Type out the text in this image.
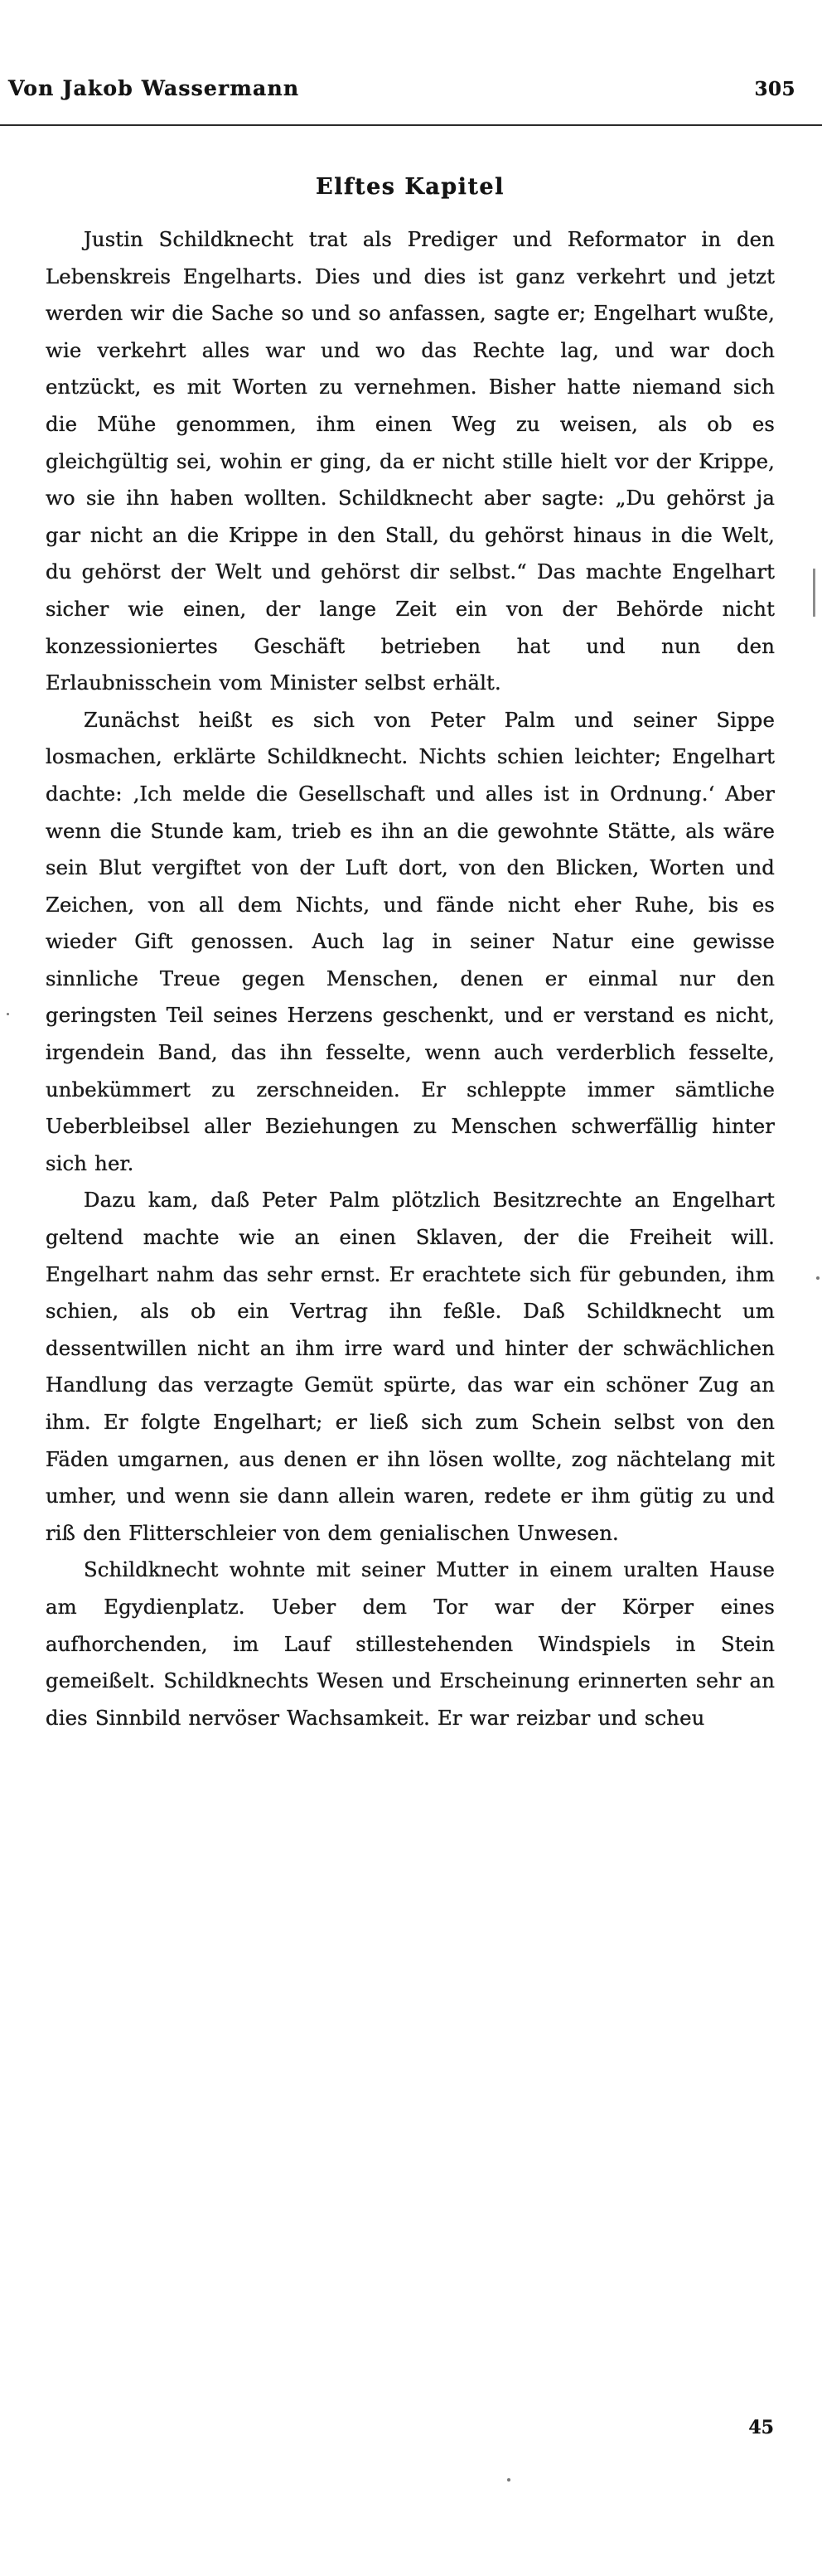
Von Jakob Wassermann	305
Elftes Kapitel

Justin Schildknecht trat als Prediger und Reformator in den Lebenskreis Engelharts. Dies und dies ist ganz verkehrt und jetzt werden wir die Sache so und so anfassen, sagte er; Engelhart wußte, wie verkehrt alles war und wo das Rechte lag, und war doch entzückt, es mit Worten zu vernehmen. Bisher hatte niemand sich die Mühe genommen, ihm einen Weg zu weisen, als ob es gleichgültig sei, wohin er ging, da er nicht stille hielt vor der Krippe, wo sie ihn haben wollten. Schildknecht aber sagte: „Du gehörst ja gar nicht an die Krippe in den Stall, du gehörst hinaus in die Welt, du gehörst der Welt und gehörst dir selbst.“ Das machte Engelhart sicher wie einen, der lange Zeit ein von der Behörde nicht konzessioniertes Geschäft betrieben hat und nun den Erlaubnisschein vom Minister selbst erhält.

Zunächst heißt es sich von Peter Palm und seiner Sippe losmachen, erklärte Schildknecht. Nichts schien leichter; Engelhart dachte: ‚Ich melde die Gesellschaft und alles ist in Ordnung.‘ Aber wenn die Stunde kam, trieb es ihn an die gewohnte Stätte, als wäre sein Blut vergiftet von der Luft dort, von den Blicken, Worten und Zeichen, von all dem Nichts, und fände nicht eher Ruhe, bis es wieder Gift genossen. Auch lag in seiner Natur eine gewisse sinnliche Treue gegen Menschen, denen er einmal nur den geringsten Teil seines Herzens geschenkt, und er verstand es nicht, irgendein Band, das ihn fesselte, wenn auch verderblich fesselte, unbekümmert zu zerschneiden. Er schleppte immer sämtliche Ueberbleibsel aller Beziehungen zu Menschen schwerfällig hinter sich her.

Dazu kam, daß Peter Palm plötzlich Besitzrechte an Engelhart geltend machte wie an einen Sklaven, der die Freiheit will. Engelhart nahm das sehr ernst. Er erachtete sich für gebunden, ihm schien, als ob ein Vertrag ihn feßle. Daß Schildknecht um dessentwillen nicht an ihm irre ward und hinter der schwächlichen Handlung das verzagte Gemüt spürte, das war ein schöner Zug an ihm. Er folgte Engelhart; er ließ sich zum Schein selbst von den Fäden umgarnen, aus denen er ihn lösen wollte, zog nächtelang mit umher, und wenn sie dann allein waren, redete er ihm gütig zu und riß den Flitterschleier von dem genialischen Unwesen.

Schildknecht wohnte mit seiner Mutter in einem uralten Hause am Egydienplatz. Ueber dem Tor war der Körper eines aufhorchenden, im Lauf stillestehenden Windspiels in Stein gemeißelt. Schildknechts Wesen und Erscheinung erinnerten sehr an dies Sinnbild nervöser Wachsamkeit. Er war reizbar und scheu

45
